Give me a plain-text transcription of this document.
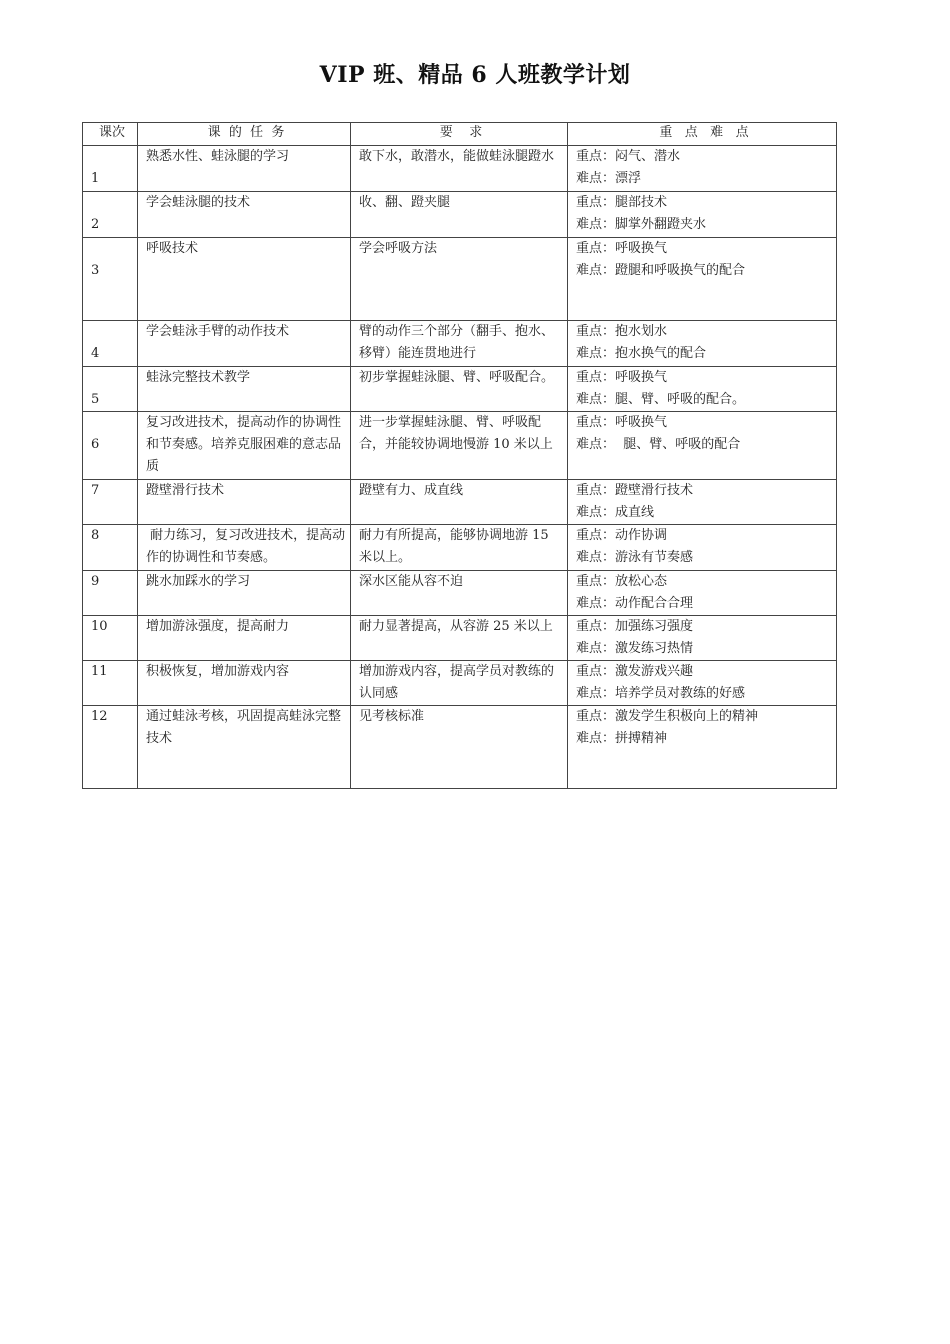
VIP 班、精品 6 人班教学计划
课次	课  的  任  务	要    求	重   点   难   点

1	熟悉水性、蛙泳腿的学习	敢下水，敢潜水，能做蛙泳腿蹬水	重点：闷气、潜水
难点：漂浮

2	学会蛙泳腿的技术	收、翻、蹬夹腿	重点：腿部技术
难点：脚掌外翻蹬夹水

3	呼吸技术	学会呼吸方法	重点：呼吸换气
难点：蹬腿和呼吸换气的配合

4	学会蛙泳手臂的动作技术	臂的动作三个部分（翻手、抱水、移臂）能连贯地进行	重点：抱水划水
难点：抱水换气的配合

5	蛙泳完整技术教学	初步掌握蛙泳腿、臂、呼吸配合。	重点：呼吸换气
难点：腿、臂、呼吸的配合。

6	复习改进技术，提高动作的协调性和节奏感。培养克服困难的意志品质	进一步掌握蛙泳腿、臂、呼吸配合，并能较协调地慢游 10 米以上	重点：呼吸换气
难点：  腿、臂、呼吸的配合

7	蹬壁滑行技术	蹬壁有力、成直线	重点：蹬壁滑行技术
难点：成直线

8	耐力练习，复习改进技术，提高动作的协调性和节奏感。	耐力有所提高，能够协调地游 15 米以上。	重点：动作协调
难点：游泳有节奏感

9	跳水加踩水的学习	深水区能从容不迫	重点：放松心态
难点：动作配合合理

10	增加游泳强度，提高耐力	耐力显著提高，从容游 25 米以上	重点：加强练习强度
难点：激发练习热情

11	积极恢复，增加游戏内容	增加游戏内容，提高学员对教练的认同感	重点：激发游戏兴趣
难点：培养学员对教练的好感

12	通过蛙泳考核，巩固提高蛙泳完整技术	见考核标准	重点：激发学生积极向上的精神
难点：拼搏精神
